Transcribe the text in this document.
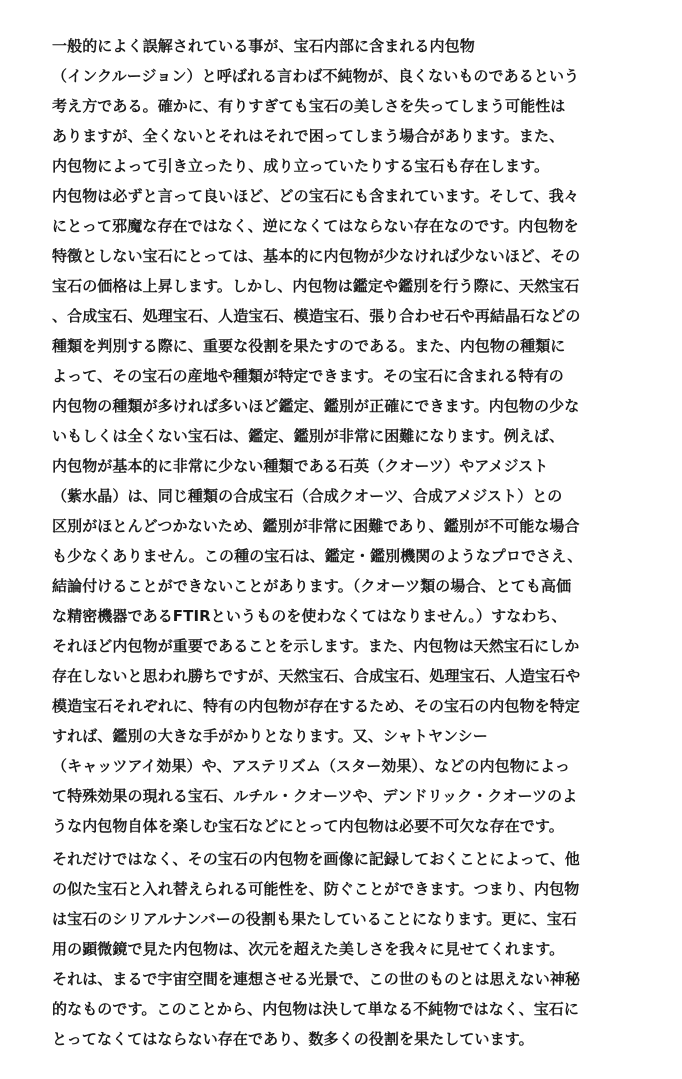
一般的によく誤解されている事が、宝石内部に含まれる内包物
（インクルージョン）と呼ばれる言わば不純物が、良くないものであるという
考え方である。確かに、有りすぎても宝石の美しさを失ってしまう可能性は
ありますが、全くないとそれはそれで困ってしまう場合があります。また、
内包物によって引き立ったり、成り立っていたりする宝石も存在します。
内包物は必ずと言って良いほど、どの宝石にも含まれています。そして、我々
にとって邪魔な存在ではなく、逆になくてはならない存在なのです。内包物を
特徴としない宝石にとっては、基本的に内包物が少なければ少ないほど、その
宝石の価格は上昇します。しかし、内包物は鑑定や鑑別を行う際に、天然宝石
、合成宝石、処理宝石、人造宝石、模造宝石、張り合わせ石や再結晶石などの
種類を判別する際に、重要な役割を果たすのである。また、内包物の種類に
よって、その宝石の産地や種類が特定できます。その宝石に含まれる特有の
内包物の種類が多ければ多いほど鑑定、鑑別が正確にできます。内包物の少な
いもしくは全くない宝石は、鑑定、鑑別が非常に困難になります。例えば、
内包物が基本的に非常に少ない種類である石英（クオーツ）やアメジスト
（紫水晶）は、同じ種類の合成宝石（合成クオーツ、合成アメジスト）との
区別がほとんどつかないため、鑑別が非常に困難であり、鑑別が不可能な場合
も少なくありません。この種の宝石は、鑑定・鑑別機関のようなプロでさえ、
結論付けることができないことがあります。（クオーツ類の場合、とても高価
な精密機器であるFTIRというものを使わなくてはなりません。）すなわち、
それほど内包物が重要であることを示します。また、内包物は天然宝石にしか
存在しないと思われ勝ちですが、天然宝石、合成宝石、処理宝石、人造宝石や
模造宝石それぞれに、特有の内包物が存在するため、その宝石の内包物を特定
すれば、鑑別の大きな手がかりとなります。又、シャトヤンシー
（キャッツアイ効果）や、アステリズム（スター効果）、などの内包物によっ
て特殊効果の現れる宝石、ルチル・クオーツや、デンドリック・クオーツのよ
うな内包物自体を楽しむ宝石などにとって内包物は必要不可欠な存在です。
それだけではなく、その宝石の内包物を画像に記録しておくことによって、他
の似た宝石と入れ替えられる可能性を、防ぐことができます。つまり、内包物
は宝石のシリアルナンバーの役割も果たしていることになります。更に、宝石
用の顕微鏡で見た内包物は、次元を超えた美しさを我々に見せてくれます。
それは、まるで宇宙空間を連想させる光景で、この世のものとは思えない神秘
的なものです。このことから、内包物は決して単なる不純物ではなく、宝石に
とってなくてはならない存在であり、数多くの役割を果たしています。
